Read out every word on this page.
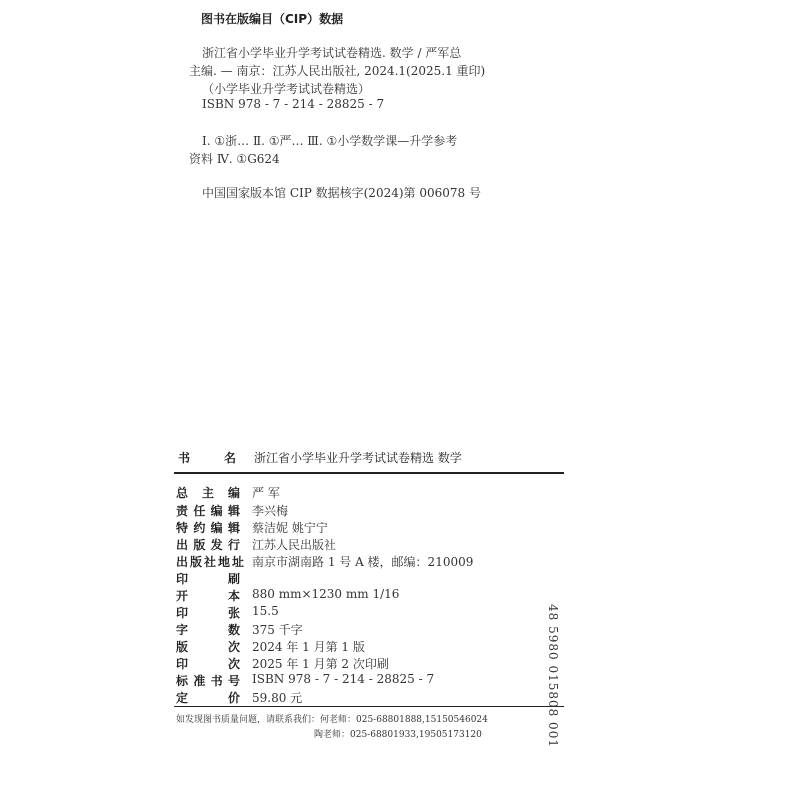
图书在版编目（CIP）数据
浙江省小学毕业升学考试试卷精选. 数学 / 严军总
主编. — 南京：江苏人民出版社, 2024.1(2025.1 重印)
（小学毕业升学考试试卷精选）
ISBN 978 - 7 - 214 - 28825 - 7
Ⅰ. ①浙… Ⅱ. ①严… Ⅲ. ①小学数学课—升学参考
资料 Ⅳ. ①G624
中国国家版本馆 CIP 数据核字(2024)第 006078 号
书	名 浙江省小学毕业升学考试试卷精选 数学
总 主 编 严 军
责 任 编 辑 李兴梅
特 约 编 辑 蔡洁妮 姚宁宁
出 版 发 行 江苏人民出版社
出 版 社 地 址 南京市湖南路 1 号 A 楼，邮编：210009
印	刷
开	本 880 mm×1230 mm 1/16
印	张 15.5
字	数 375 千字
版	次 2024 年 1 月第 1 版
印	次 2025 年 1 月第 2 次印刷
标 准 书 号 ISBN 978 - 7 - 214 - 28825 - 7
定	价 59.80 元	48 5980 015808 001
如发现图书质量问题，请联系我们：何老师：025-68801888,15150546024
陶老师：025-68801933,19505173120
